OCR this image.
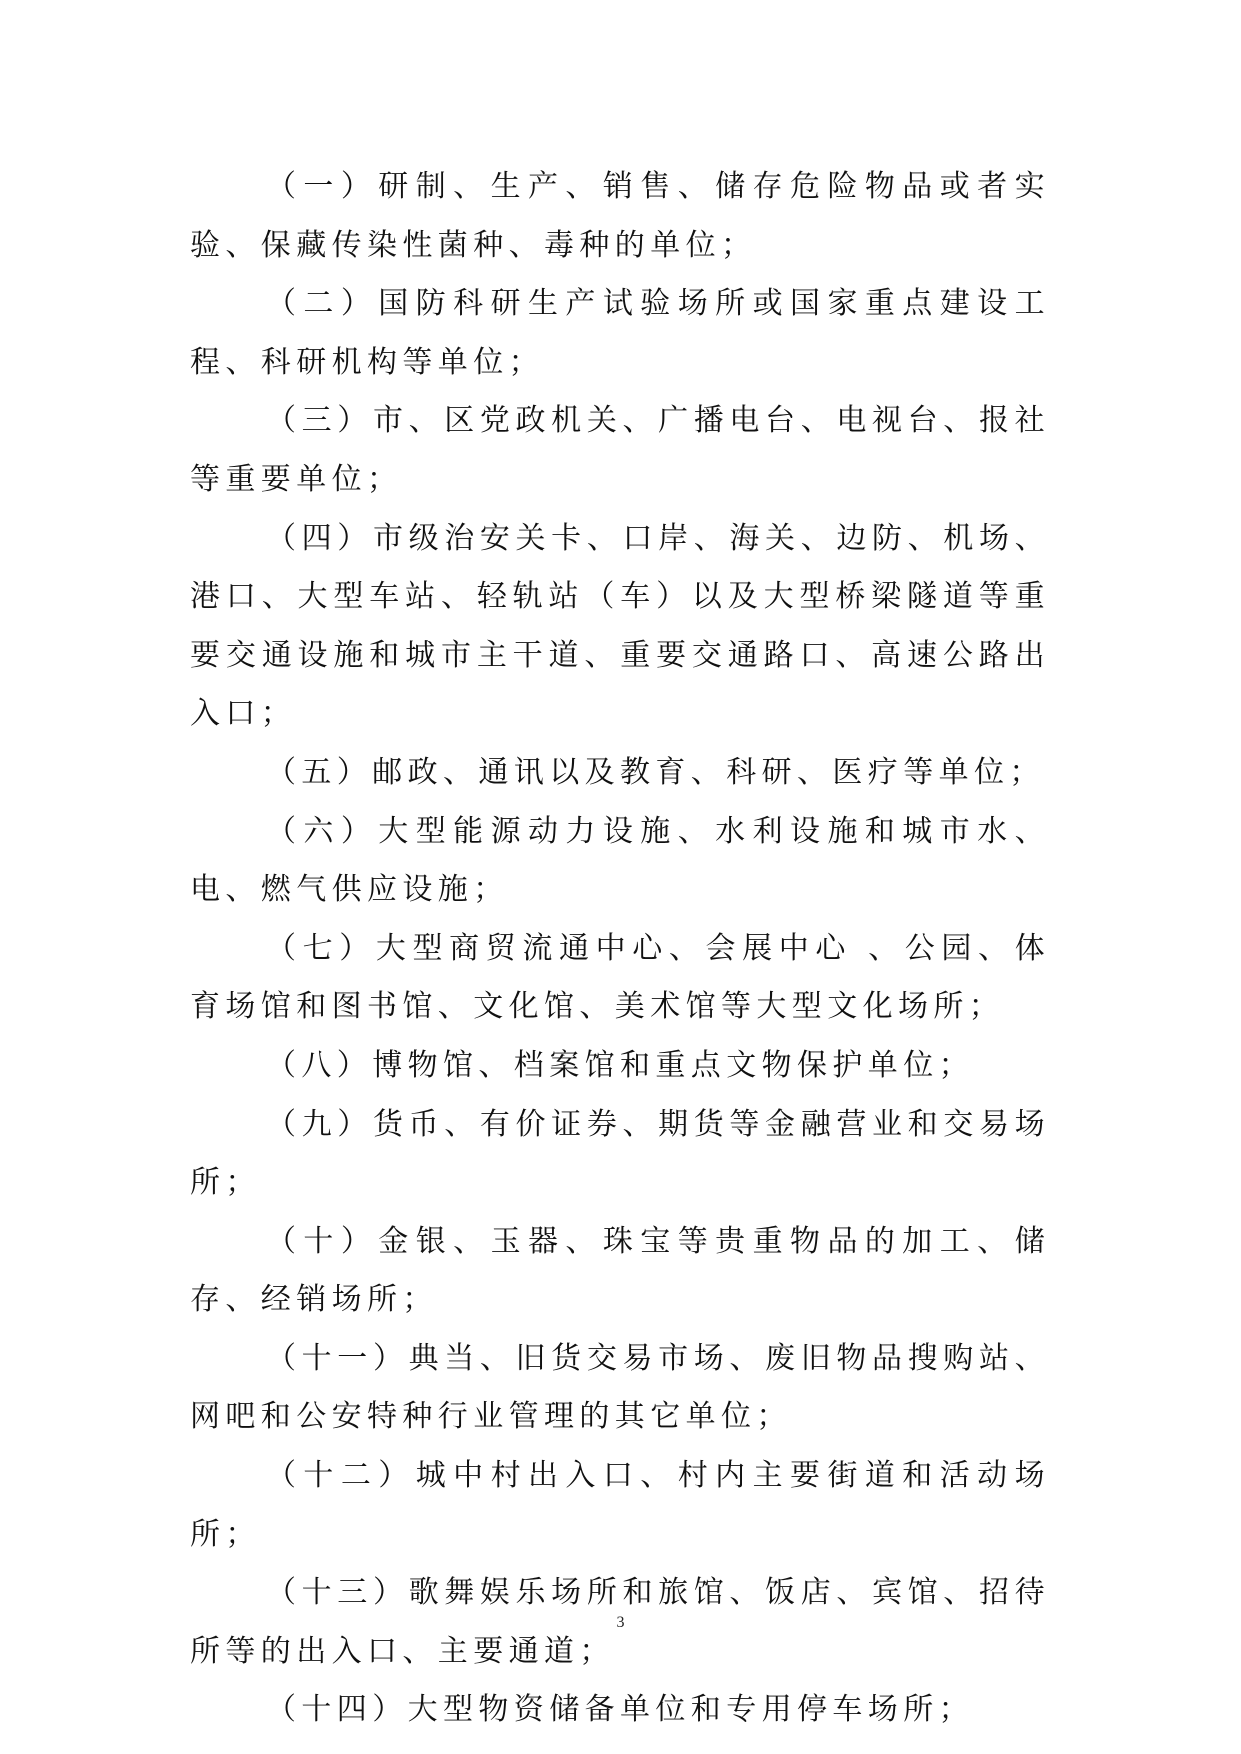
（一）研制、生产、销售、储存危险物品或者实验、保藏传染性菌种、毒种的单位；

（二）国防科研生产试验场所或国家重点建设工程、科研机构等单位；

（三）市、区党政机关、广播电台、电视台、报社等重要单位；

（四）市级治安关卡、口岸、海关、边防、机场、港口、大型车站、轻轨站（车）以及大型桥梁隧道等重要交通设施和城市主干道、重要交通路口、高速公路出入口；

（五）邮政、通讯以及教育、科研、医疗等单位；

（六）大型能源动力设施、水利设施和城市水、电、燃气供应设施；

（七）大型商贸流通中心、会展中心 、公园、体育场馆和图书馆、文化馆、美术馆等大型文化场所；

（八）博物馆、档案馆和重点文物保护单位；

（九）货币、有价证券、期货等金融营业和交易场所；

（十）金银、玉器、珠宝等贵重物品的加工、储存、经销场所；

（十一）典当、旧货交易市场、废旧物品搜购站、网吧和公安特种行业管理的其它单位；

（十二）城中村出入口、村内主要街道和活动场所；

（十三）歌舞娱乐场所和旅馆、饭店、宾馆、招待所等的出入口、主要通道；

（十四）大型物资储备单位和专用停车场所；

3
